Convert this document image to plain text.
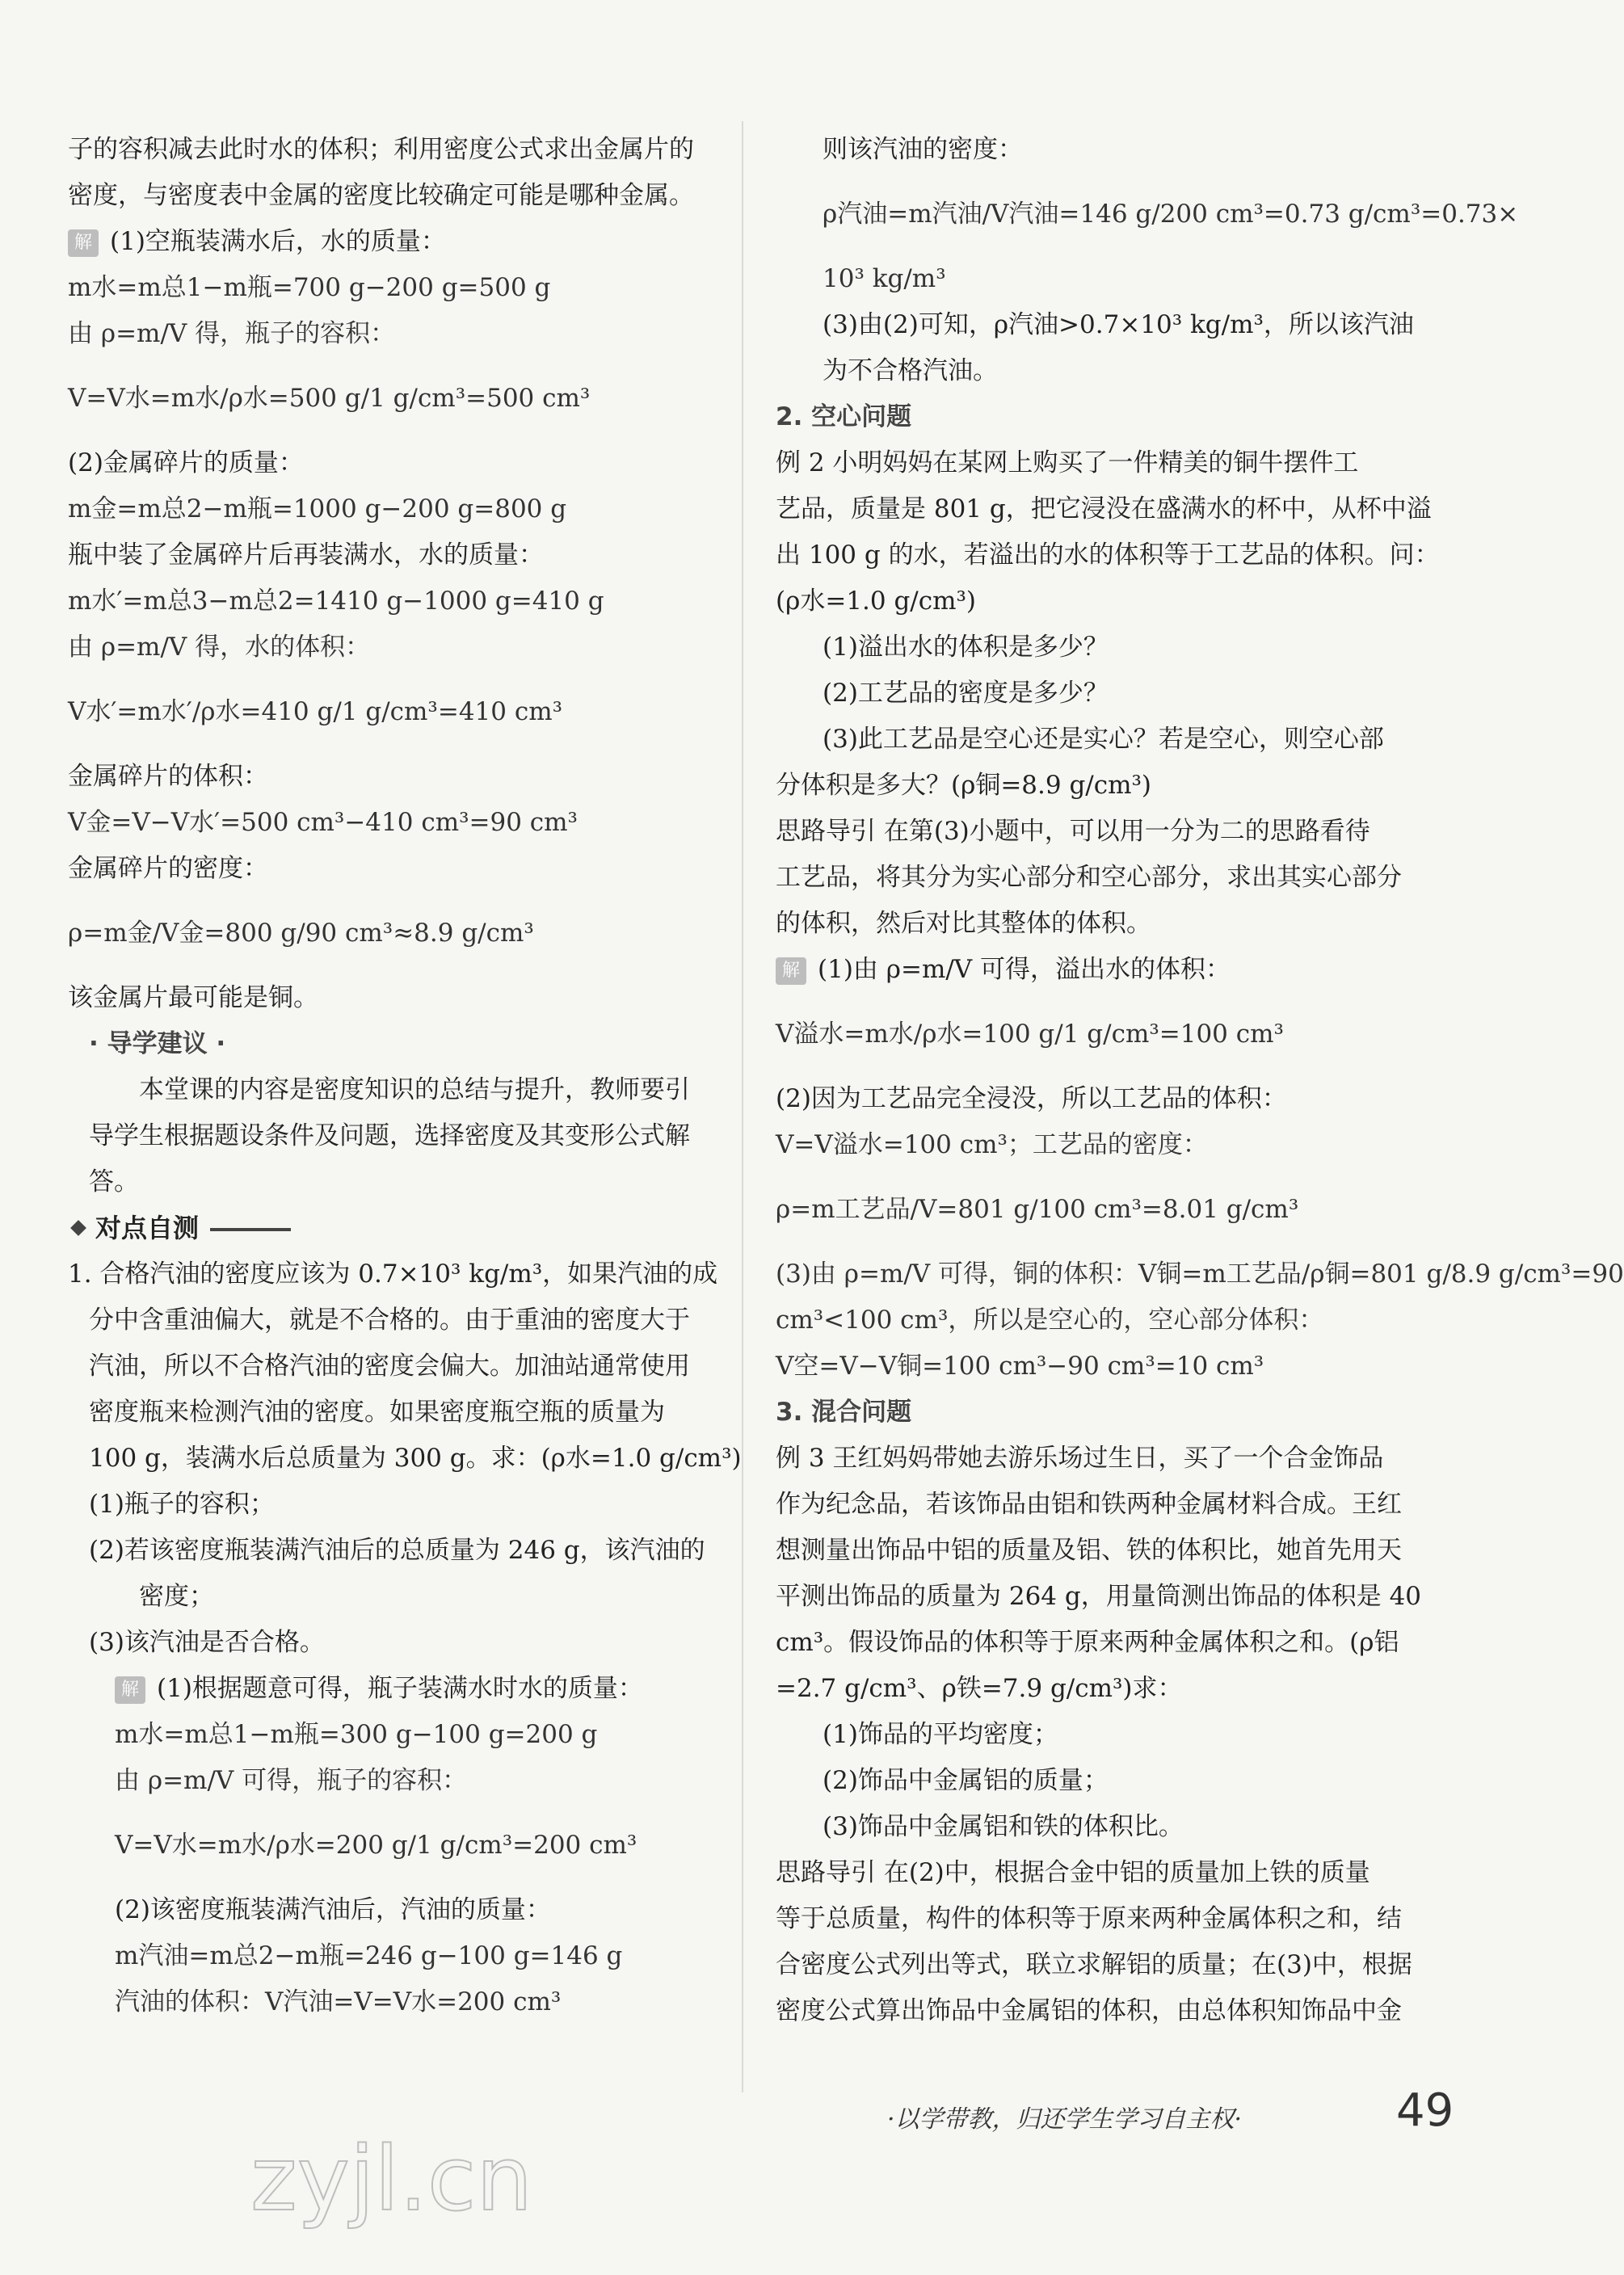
子的容积减去此时水的体积；利用密度公式求出金属片的
密度，与密度表中金属的密度比较确定可能是哪种金属。
解 (1)空瓶装满水后，水的质量：
m水=m总1−m瓶=700 g−200 g=500 g
由 ρ=m/V 得，瓶子的容积：
V=V水=m水/ρ水=500 g/1 g/cm³=500 cm³
(2)金属碎片的质量：
m金=m总2−m瓶=1000 g−200 g=800 g
瓶中装了金属碎片后再装满水，水的质量：
m水′=m总3−m总2=1410 g−1000 g=410 g
由 ρ=m/V 得，水的体积：
V水′=m水′/ρ水=410 g/1 g/cm³=410 cm³
金属碎片的体积：
V金=V−V水′=500 cm³−410 cm³=90 cm³
金属碎片的密度：
ρ=m金/V金=800 g/90 cm³≈8.9 g/cm³
该金属片最可能是铜。
· 导学建议 ·
本堂课的内容是密度知识的总结与提升，教师要引
导学生根据题设条件及问题，选择密度及其变形公式解
答。
对点自测
1. 合格汽油的密度应该为 0.7×10³ kg/m³，如果汽油的成
分中含重油偏大，就是不合格的。由于重油的密度大于
汽油，所以不合格汽油的密度会偏大。加油站通常使用
密度瓶来检测汽油的密度。如果密度瓶空瓶的质量为
100 g，装满水后总质量为 300 g。求：(ρ水=1.0 g/cm³)
(1)瓶子的容积；
(2)若该密度瓶装满汽油后的总质量为 246 g，该汽油的
密度；
(3)该汽油是否合格。
解 (1)根据题意可得，瓶子装满水时水的质量：
m水=m总1−m瓶=300 g−100 g=200 g
由 ρ=m/V 可得，瓶子的容积：
V=V水=m水/ρ水=200 g/1 g/cm³=200 cm³
(2)该密度瓶装满汽油后，汽油的质量：
m汽油=m总2−m瓶=246 g−100 g=146 g
汽油的体积：V汽油=V=V水=200 cm³
则该汽油的密度：
ρ汽油=m汽油/V汽油=146 g/200 cm³=0.73 g/cm³=0.73×
10³ kg/m³
(3)由(2)可知，ρ汽油>0.7×10³ kg/m³，所以该汽油
为不合格汽油。
2. 空心问题
例 2 小明妈妈在某网上购买了一件精美的铜牛摆件工
艺品，质量是 801 g，把它浸没在盛满水的杯中，从杯中溢
出 100 g 的水，若溢出的水的体积等于工艺品的体积。问：
(ρ水=1.0 g/cm³)
(1)溢出水的体积是多少？
(2)工艺品的密度是多少？
(3)此工艺品是空心还是实心？若是空心，则空心部
分体积是多大？(ρ铜=8.9 g/cm³)
思路导引 在第(3)小题中，可以用一分为二的思路看待
工艺品，将其分为实心部分和空心部分，求出其实心部分
的体积，然后对比其整体的体积。
解 (1)由 ρ=m/V 可得，溢出水的体积：
V溢水=m水/ρ水=100 g/1 g/cm³=100 cm³
(2)因为工艺品完全浸没，所以工艺品的体积：
V=V溢水=100 cm³；工艺品的密度：
ρ=m工艺品/V=801 g/100 cm³=8.01 g/cm³
(3)由 ρ=m/V 可得，铜的体积：V铜=m工艺品/ρ铜=801 g/8.9 g/cm³=90
cm³<100 cm³，所以是空心的，空心部分体积：
V空=V−V铜=100 cm³−90 cm³=10 cm³
3. 混合问题
例 3 王红妈妈带她去游乐场过生日，买了一个合金饰品
作为纪念品，若该饰品由铝和铁两种金属材料合成。王红
想测量出饰品中铝的质量及铝、铁的体积比，她首先用天
平测出饰品的质量为 264 g，用量筒测出饰品的体积是 40
cm³。假设饰品的体积等于原来两种金属体积之和。(ρ铝
=2.7 g/cm³、ρ铁=7.9 g/cm³)求：
(1)饰品的平均密度；
(2)饰品中金属铝的质量；
(3)饰品中金属铝和铁的体积比。
思路导引 在(2)中，根据合金中铝的质量加上铁的质量
等于总质量，构件的体积等于原来两种金属体积之和，结
合密度公式列出等式，联立求解铝的质量；在(3)中，根据
密度公式算出饰品中金属铝的体积，由总体积知饰品中金
zyjl.cn
·以学带教，归还学生学习自主权·	49
